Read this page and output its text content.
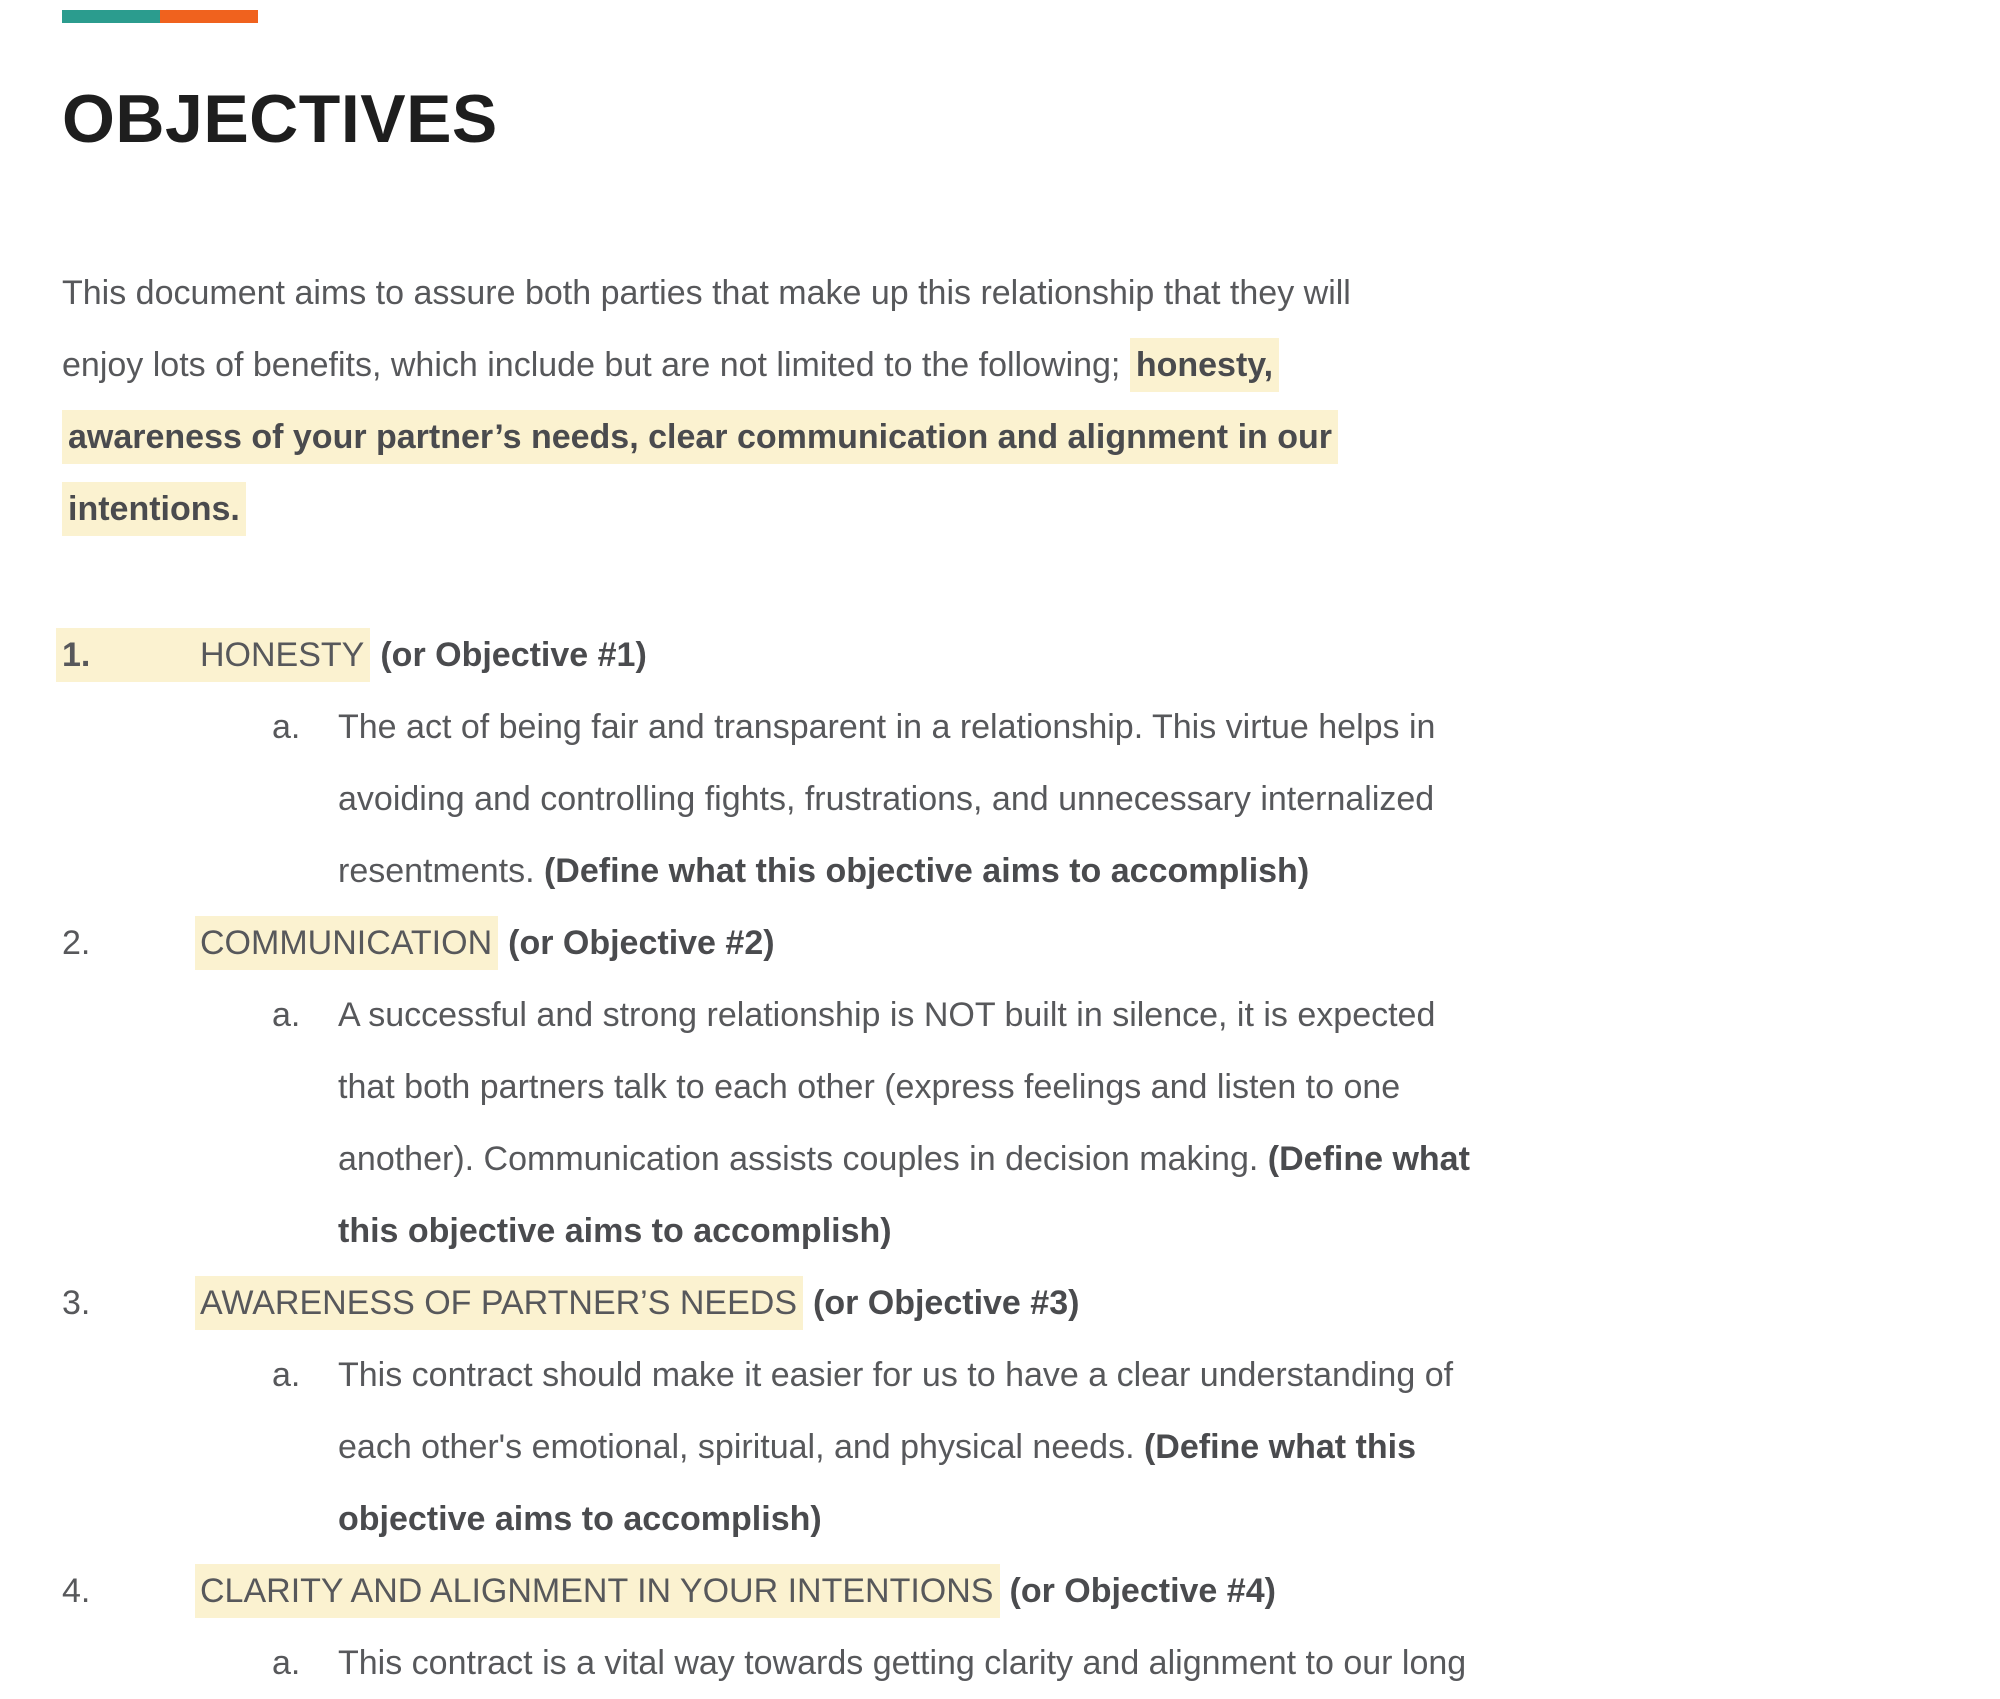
OBJECTIVES
This document aims to assure both parties that make up this relationship that they will
enjoy lots of benefits, which include but are not limited to the following; honesty,
awareness of your partner’s needs, clear communication and alignment in our
intentions.
1.	HONESTY (or Objective #1)
a.	The act of being fair and transparent in a relationship. This virtue helps in
avoiding and controlling fights, frustrations, and unnecessary internalized
resentments. (Define what this objective aims to accomplish)
2.	COMMUNICATION (or Objective #2)
a.	A successful and strong relationship is NOT built in silence, it is expected
that both partners talk to each other (express feelings and listen to one
another). Communication assists couples in decision making. (Define what
this objective aims to accomplish)
3.	AWARENESS OF PARTNER’S NEEDS (or Objective #3)
a.	This contract should make it easier for us to have a clear understanding of
each other's emotional, spiritual, and physical needs. (Define what this
objective aims to accomplish)
4.	CLARITY AND ALIGNMENT IN YOUR INTENTIONS (or Objective #4)
a.	This contract is a vital way towards getting clarity and alignment to our long
